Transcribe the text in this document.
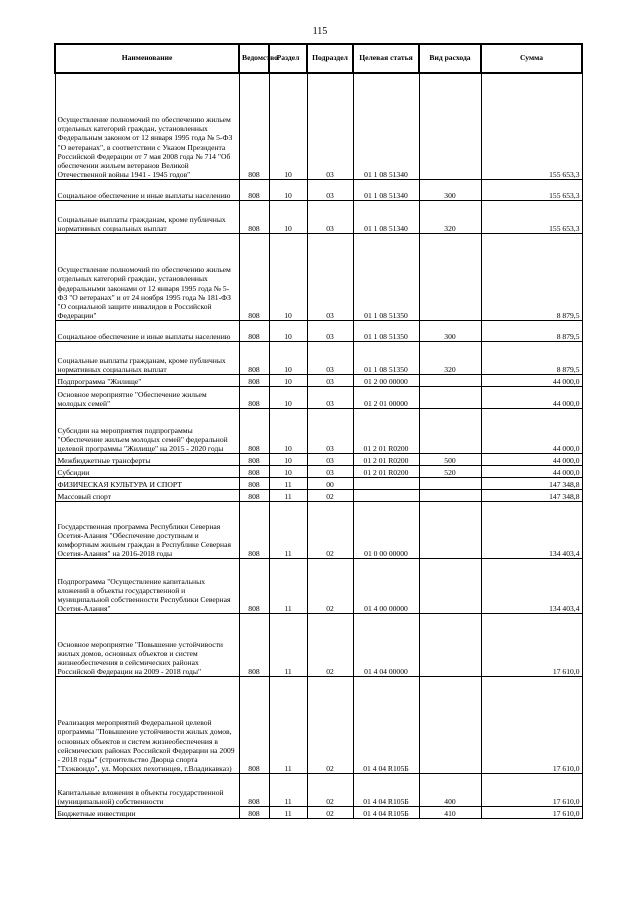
115
Наименование	Ведомство	Раздел	Подраздел	Целевая статья	Вид расхода	Сумма
Осуществление полномочий по обеспечению жильем отдельных категорий граждан, установленных Федеральным законом от 12 января 1995 года № 5-ФЗ "О ветеранах", в соответствии с Указом Президента Российской Федерации от 7 мая 2008 года № 714 "Об обеспечении жильем ветеранов Великой Отечественной войны 1941 - 1945 годов"	808	10	03	01 1 08 51340		155 653,3
Социальное обеспечение и иные выплаты населению	808	10	03	01 1 08 51340	300	155 653,3
Социальные выплаты гражданам, кроме публичных нормативных социальных выплат	808	10	03	01 1 08 51340	320	155 653,3
Осуществление полномочий по обеспечению жильем отдельных категорий граждан, установленных федеральными законами от 12 января 1995 года № 5-ФЗ "О ветеранах" и от 24 ноября 1995 года № 181-ФЗ "О социальной защите инвалидов в Российской Федерации"	808	10	03	01 1 08 51350		8 879,5
Социальное обеспечение и иные выплаты населению	808	10	03	01 1 08 51350	300	8 879,5
Социальные выплаты гражданам, кроме публичных нормативных социальных выплат	808	10	03	01 1 08 51350	320	8 879,5
Подпрограмма "Жилище"	808	10	03	01 2 00 00000		44 000,0
Основное мероприятие "Обеспечение жильем молодых семей"	808	10	03	01 2 01 00000		44 000,0
Субсидии на мероприятия подпрограммы "Обеспечение жильем молодых семей" федеральной целевой программы "Жилище" на 2015 - 2020 годы	808	10	03	01 2 01 R0200		44 000,0
Межбюджетные трансферты	808	10	03	01 2 01 R0200	500	44 000,0
Субсидии	808	10	03	01 2 01 R0200	520	44 000,0
ФИЗИЧЕСКАЯ КУЛЬТУРА И СПОРТ	808	11	00			147 348,8
Массовый спорт	808	11	02			147 348,8
Государственная программа Республики Северная Осетия-Алания "Обеспечение доступным и комфортным жильем граждан в Республике Северная Осетия-Алания" на 2016-2018 годы	808	11	02	01 0 00 00000		134 403,4
Подпрограмма "Осуществление капитальных вложений в объекты государственной и муниципальной собственности Республики Северная Осетия-Алания"	808	11	02	01 4 00 00000		134 403,4
Основное мероприятие "Повышение устойчивости жилых домов, основных объектов и систем жизнеобеспечения в сейсмических районах Российской Федерации на 2009 - 2018 годы"	808	11	02	01 4 04 00000		17 610,0
Реализация мероприятий Федеральной целевой программы "Повышение устойчивости жилых домов, основных объектов и систем жизнеобеспечения в сейсмических районах Российской Федерации на 2009 - 2018 годы" (строительство Дворца спорта "Тхэквондо", ул. Морских пехотинцев, г.Владикавказ)	808	11	02	01 4 04 R105Б		17 610,0
Капитальные вложения в объекты государственной (муниципальной) собственности	808	11	02	01 4 04 R105Б	400	17 610,0
Бюджетные инвестиции	808	11	02	01 4 04 R105Б	410	17 610,0
